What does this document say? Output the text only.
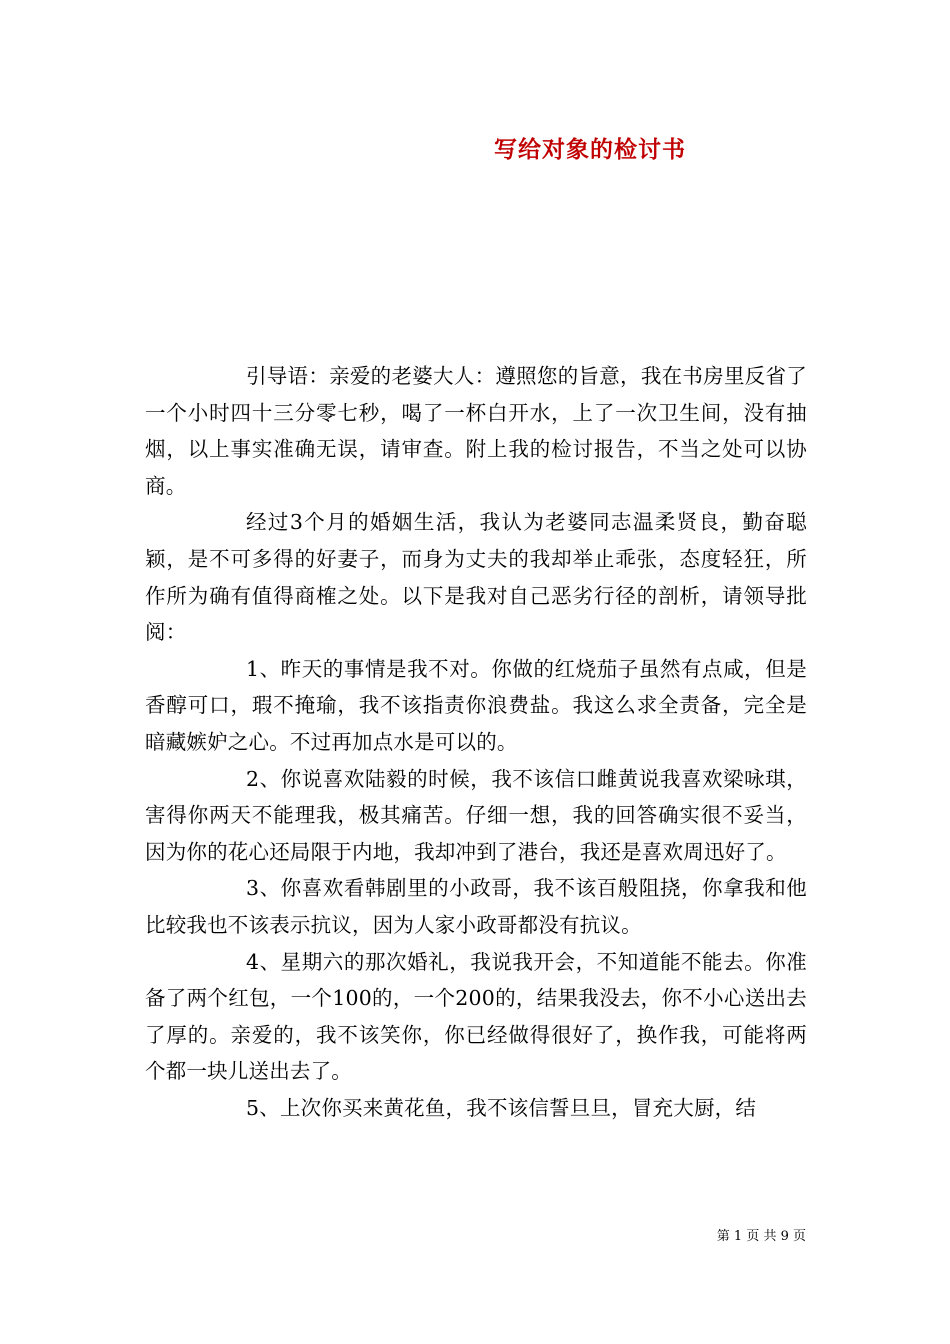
写给对象的检讨书

引导语：亲爱的老婆大人：遵照您的旨意，我在书房里反省了一个小时四十三分零七秒，喝了一杯白开水，上了一次卫生间，没有抽烟，以上事实准确无误，请审查。附上我的检讨报告，不当之处可以协商。

经过3个月的婚姻生活，我认为老婆同志温柔贤良，勤奋聪颖，是不可多得的好妻子，而身为丈夫的我却举止乖张，态度轻狂，所作所为确有值得商榷之处。以下是我对自己恶劣行径的剖析，请领导批阅：

1、昨天的事情是我不对。你做的红烧茄子虽然有点咸，但是香醇可口，瑕不掩瑜，我不该指责你浪费盐。我这么求全责备，完全是暗藏嫉妒之心。不过再加点水是可以的。

2、你说喜欢陆毅的时候，我不该信口雌黄说我喜欢梁咏琪，害得你两天不能理我，极其痛苦。仔细一想，我的回答确实很不妥当，因为你的花心还局限于内地，我却冲到了港台，我还是喜欢周迅好了。

3、你喜欢看韩剧里的小政哥，我不该百般阻挠，你拿我和他比较我也不该表示抗议，因为人家小政哥都没有抗议。

4、星期六的那次婚礼，我说我开会，不知道能不能去。你准备了两个红包，一个100的，一个200的，结果我没去，你不小心送出去了厚的。亲爱的，我不该笑你，你已经做得很好了，换作我，可能将两个都一块儿送出去了。

5、上次你买来黄花鱼，我不该信誓旦旦，冒充大厨，结

第 1 页 共 9 页
